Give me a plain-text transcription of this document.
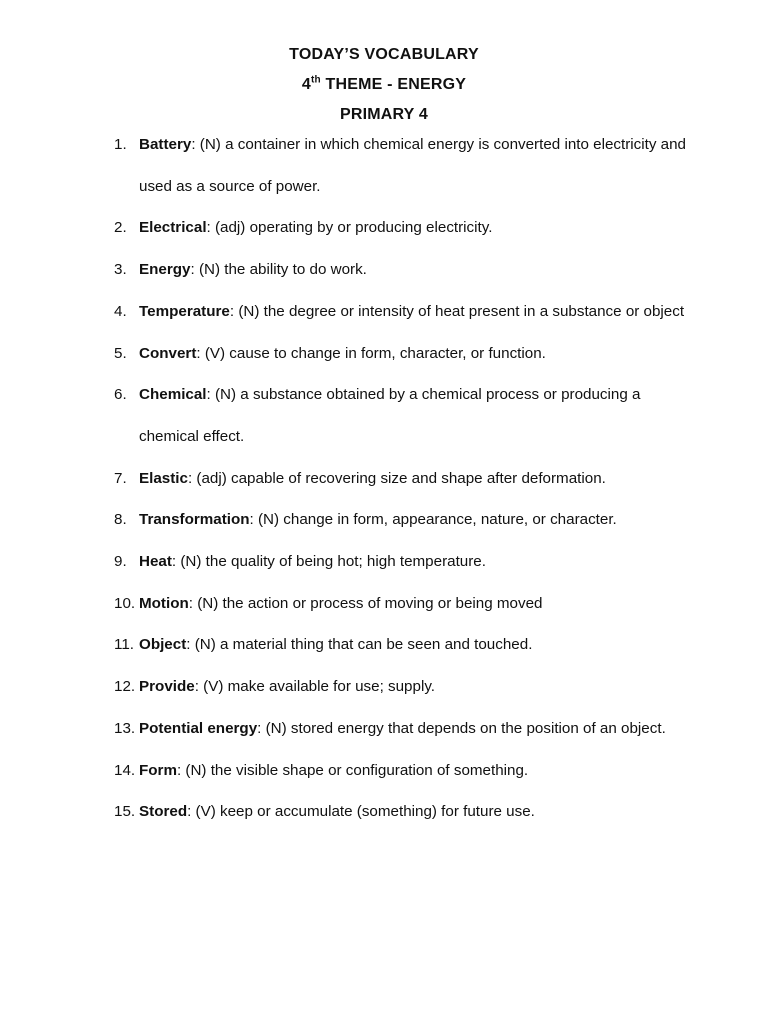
TODAY’S VOCABULARY
4th THEME - ENERGY
PRIMARY 4
1. Battery: (N) a container in which chemical energy is converted into electricity and used as a source of power.
2. Electrical: (adj) operating by or producing electricity.
3. Energy: (N) the ability to do work.
4. Temperature: (N) the degree or intensity of heat present in a substance or object
5. Convert: (V) cause to change in form, character, or function.
6. Chemical: (N) a substance obtained by a chemical process or producing a chemical effect.
7. Elastic: (adj) capable of recovering size and shape after deformation.
8. Transformation: (N) change in form, appearance, nature, or character.
9. Heat: (N) the quality of being hot; high temperature.
10. Motion: (N) the action or process of moving or being moved
11. Object: (N) a material thing that can be seen and touched.
12. Provide: (V) make available for use; supply.
13. Potential energy: (N) stored energy that depends on the position of an object.
14. Form: (N) the visible shape or configuration of something.
15. Stored: (V) keep or accumulate (something) for future use.
